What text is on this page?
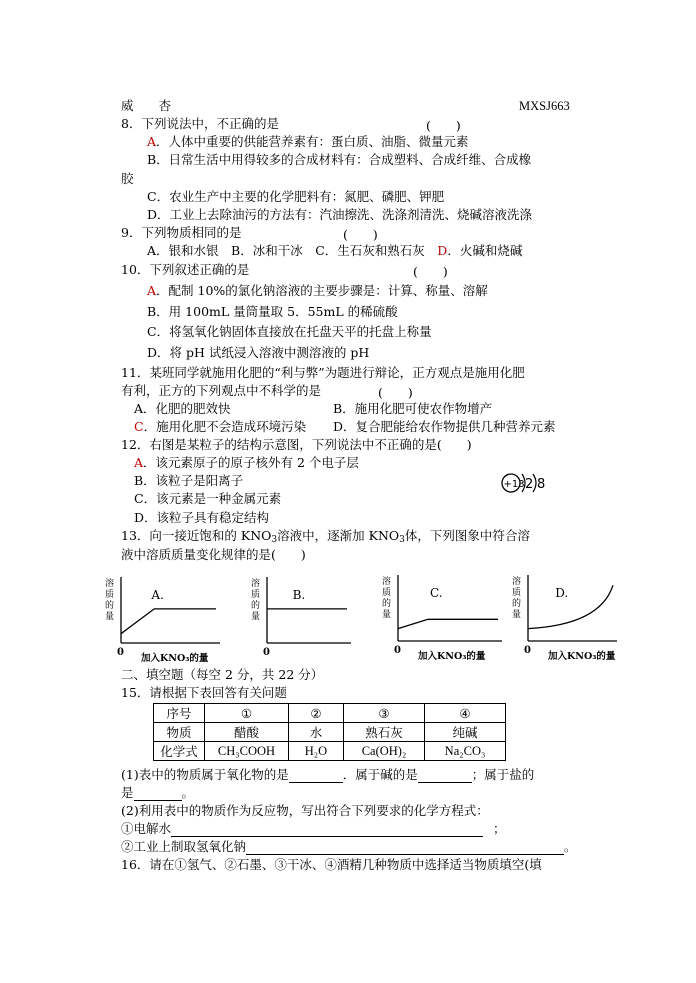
威　　杏	MXSJ663
8．下列说法中，不正确的是	(　　)
A．人体中重要的供能营养素有：蛋白质、油脂、微量元素
B．日常生活中用得较多的合成材料有：合成塑料、合成纤维、合成橡
胶
C．农业生产中主要的化学肥料有：氮肥、磷肥、钾肥
D．工业上去除油污的方法有：汽油擦洗、洗涤剂清洗、烧碱溶液洗涤
9．下列物质相同的是	(　　)
A．银和水银　B．冰和干冰　C．生石灰和熟石灰　D．火碱和烧碱
10．下列叙述正确的是	(　　)
A．配制 10%的氯化钠溶液的主要步骤是：计算、称量、溶解
B．用 100mL 量筒量取 5．55mL 的稀硫酸
C．将氢氧化钠固体直接放在托盘天平的托盘上称量
D．将 pH 试纸浸入溶液中测溶液的 pH
11．某班同学就施用化肥的“利与弊”为题进行辩论，正方观点是施用化肥
有利，正方的下列观点中不科学的是	(　　)
A．化肥的肥效快	B．施用化肥可使农作物增产
C．施用化肥不会造成环境污染 D．复合肥能给农作物提供几种营养元素
12．右图是某粒子的结构示意图，下列说法中不正确的是(　　)
A．该元素原子的原子核外有 2 个电子层
B．该粒子是阳离子
C．该元素是一种金属元素
D．该粒子具有稳定结构
+13 2 8
13．向一接近饱和的 $KNO_3$溶液中，逐渐加 $KNO_3$体，下列图象中符合溶
液中溶质质量变化规律的是(　　)
溶
质
的
量
0
加入KNO₃的量
A.
溶
质
的
量
0
B.
溶
质
的
量
0
加入KNO₃的量
C.
溶
质
的
量
0
加入KNO₃的量
D.
二、填空题（每空 2 分，共 22 分）
15．请根据下表回答有关问题
序号	①	②	③	④
物质	醋酸	水	熟石灰	纯碱
化学式	CH₃COOH	H₂O	Ca(OH)₂	Na₂CO₃
(1)表中的物质属于氧化物的是	．属于碱的是	；属于盐的
是	。
(2)利用表中的物质作为反应物，写出符合下列要求的化学方程式：
①电解水	；
②工业上制取氢氧化钠	。
16．请在①氢气、②石墨、③干冰、④酒精几种物质中选择适当物质填空(填
